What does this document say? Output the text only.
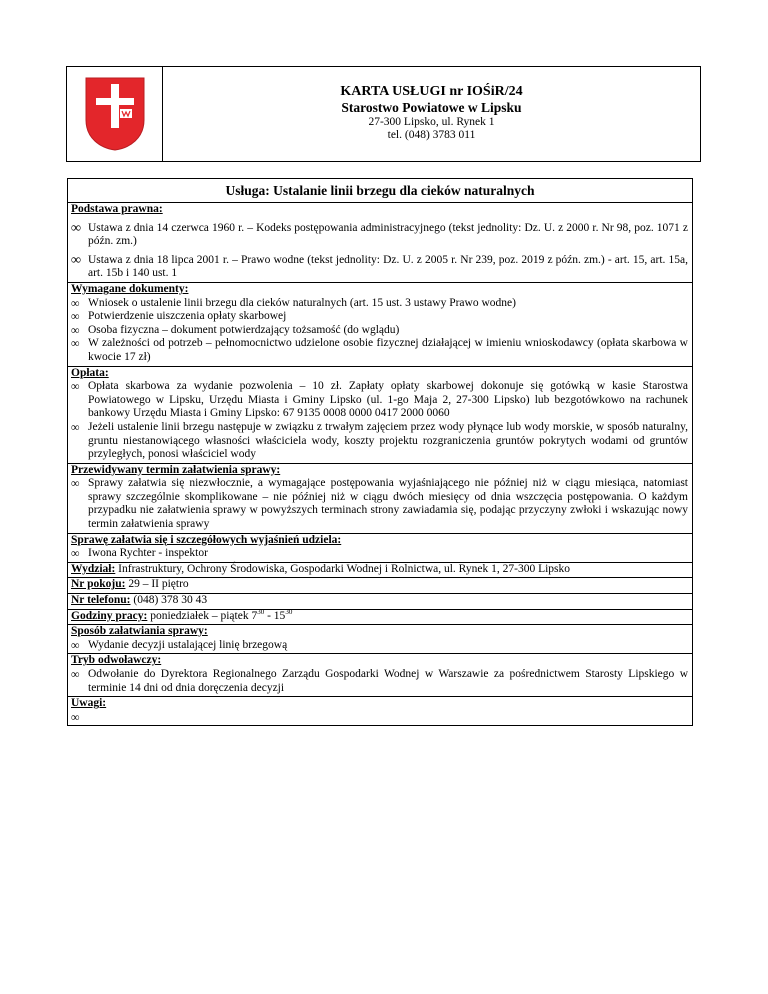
KARTA USŁUGI nr IOŚiR/24
Starostwo Powiatowe w Lipsku
27-300 Lipsko, ul. Rynek 1
tel. (048) 3783 011
Usługa: Ustalanie linii brzegu dla cieków naturalnych
Podstawa prawna:
∞ Ustawa z dnia 14 czerwca 1960 r. – Kodeks postępowania administracyjnego (tekst jednolity: Dz. U. z 2000 r. Nr 98, poz. 1071 z późn. zm.)
∞ Ustawa z dnia 18 lipca 2001 r. – Prawo wodne (tekst jednolity: Dz. U. z 2005 r. Nr 239, poz. 2019 z późn. zm.) - art. 15, art. 15a, art. 15b i 140 ust. 1
Wymagane dokumenty:
∞ Wniosek o ustalenie linii brzegu dla cieków naturalnych (art. 15 ust. 3 ustawy Prawo wodne)
∞ Potwierdzenie uiszczenia opłaty skarbowej
∞ Osoba fizyczna – dokument potwierdzający tożsamość (do wglądu)
∞ W zależności od potrzeb – pełnomocnictwo udzielone osobie fizycznej działającej w imieniu wnioskodawcy (opłata skarbowa w kwocie 17 zł)
Opłata:
∞ Opłata skarbowa za wydanie pozwolenia – 10 zł. Zapłaty opłaty skarbowej dokonuje się gotówką w kasie Starostwa Powiatowego w Lipsku, Urzędu Miasta i Gminy Lipsko (ul. 1-go Maja 2, 27-300 Lipsko) lub bezgotówkowo na rachunek bankowy Urzędu Miasta i Gminy Lipsko: 67 9135 0008 0000 0417 2000 0060
∞ Jeżeli ustalenie linii brzegu następuje w związku z trwałym zajęciem przez wody płynące lub wody morskie, w sposób naturalny, gruntu niestanowiącego własności właściciela wody, koszty projektu rozgraniczenia gruntów pokrytych wodami od gruntów przyległych, ponosi właściciel wody
Przewidywany termin załatwienia sprawy:
∞ Sprawy załatwia się niezwłocznie, a wymagające postępowania wyjaśniającego nie później niż w ciągu miesiąca, natomiast sprawy szczególnie skomplikowane – nie później niż w ciągu dwóch miesięcy od dnia wszczęcia postępowania. O każdym przypadku nie załatwienia sprawy w powyższych terminach strony zawiadamia się, podając przyczyny zwłoki i wskazując nowy termin załatwienia sprawy
Sprawę załatwia się i szczegółowych wyjaśnień udziela:
∞ Iwona Rychter - inspektor
Wydział: Infrastruktury, Ochrony Środowiska, Gospodarki Wodnej i Rolnictwa, ul. Rynek 1, 27-300 Lipsko
Nr pokoju: 29 – II piętro
Nr telefonu: (048) 378 30 43
Godziny pracy: poniedziałek – piątek $7^{30} - 15^{30}$
Sposób załatwiania sprawy:
∞ Wydanie decyzji ustalającej linię brzegową
Tryb odwoławczy:
∞ Odwołanie do Dyrektora Regionalnego Zarządu Gospodarki Wodnej w Warszawie za pośrednictwem Starosty Lipskiego w terminie 14 dni od dnia doręczenia decyzji
Uwagi:
∞
